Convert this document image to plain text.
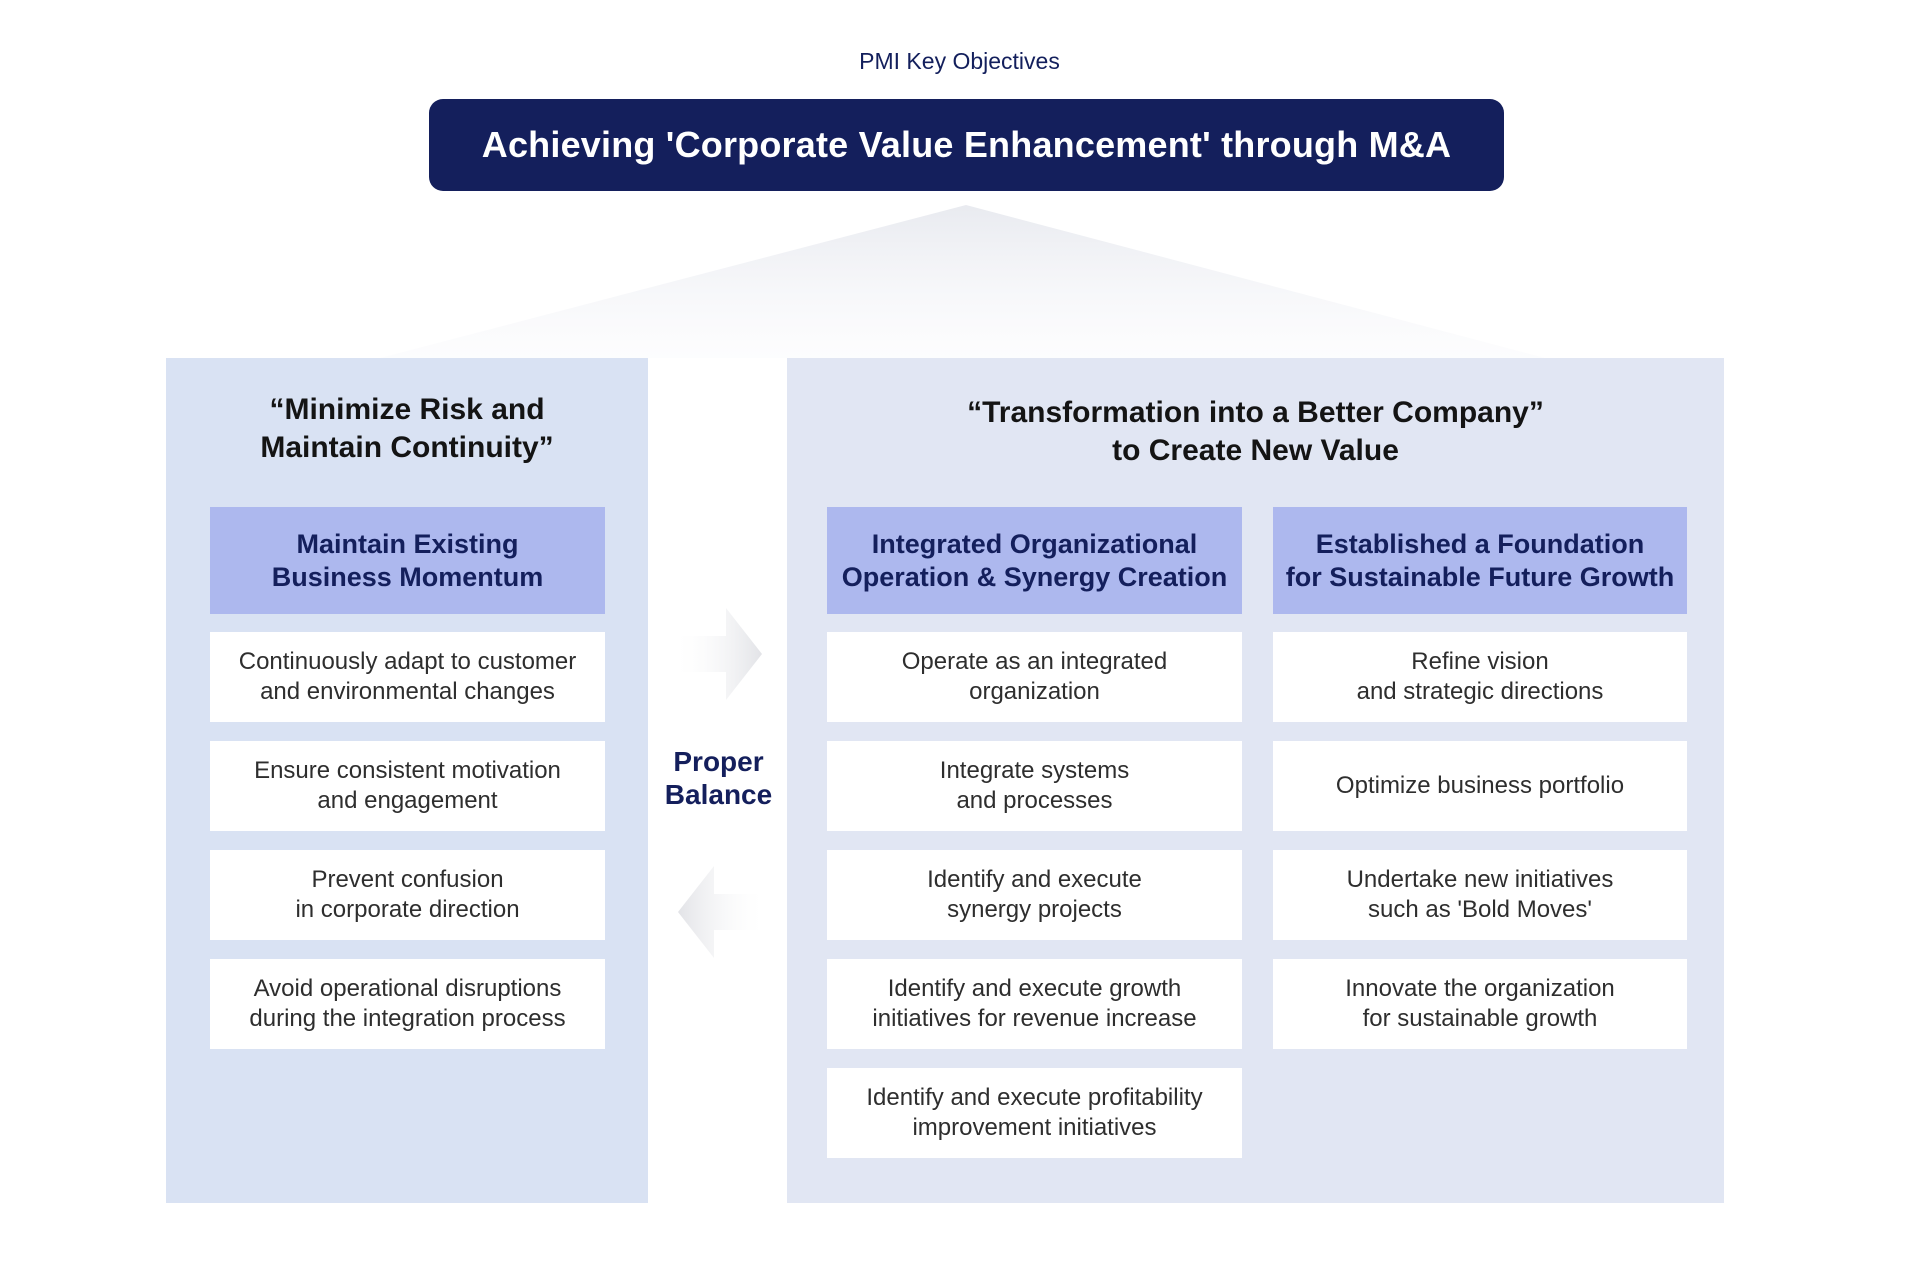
PMI Key Objectives
Achieving 'Corporate Value Enhancement' through M&A
“Minimize Risk and
Maintain Continuity”
“Transformation into a Better Company”
to Create New Value
Maintain Existing
Business Momentum
Continuously adapt to customer
and environmental changes
Ensure consistent motivation
and engagement
Prevent confusion
in corporate direction
Avoid operational disruptions
during the integration process
Proper
Balance
Integrated Organizational
Operation & Synergy Creation
Operate as an integrated
organization
Integrate systems
and processes
Identify and execute
synergy projects
Identify and execute growth
initiatives for revenue increase
Identify and execute profitability
improvement initiatives
Established a Foundation
for Sustainable Future Growth
Refine vision
and strategic directions
Optimize business portfolio
Undertake new initiatives
such as 'Bold Moves'
Innovate the organization
for sustainable growth
